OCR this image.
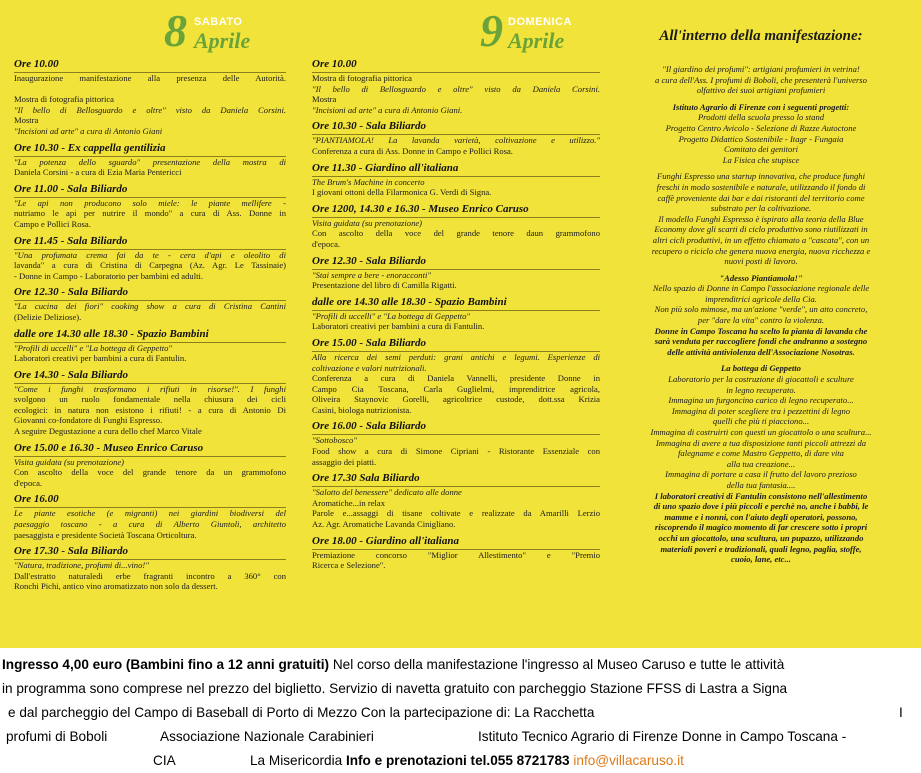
8 SABATO
Aprile
Ore 10.00
Inaugurazione manifestazione alla presenza delle Autorità.

Mostra di fotografia pittorica
"Il bello di Bellosguardo e oltre" visto da Daniela Corsini.
Mostra
"Incisioni ad arte" a cura di Antonio Giani
Ore 10.30 - Ex cappella gentilizia
"La potenza dello sguardo" presentazione della mostra di
Daniela Corsini - a cura di Ezia Maria Pentericci
Ore 11.00 - Sala Biliardo
"Le api non producono solo miele: le piante mellifere -
nutriamo le api per nutrire il mondo" a cura di Ass. Donne in
Campo e Pollici Rosa.
Ore 11.45 - Sala Biliardo
"Una profumata crema fai da te - cera d'api e oleolito di
lavanda" a cura di Cristina di Carpegna (Az. Agr. Le Tassinaie)
- Donne in Campo - Laboratorio per bambini ed adulti.
Ore 12.30 - Sala Biliardo
"La cucina dei fiori" cooking show a cura di Cristina Cantini
(Delizie Deliziose).
dalle ore 14.30 alle 18.30 - Spazio Bambini
"Profili di uccelli" e "La bottega di Geppetto"
Laboratori creativi per bambini a cura di Fantulin.
Ore 14.30 - Sala Biliardo
"Come i funghi trasformano i rifiuti in risorse!". I funghi
svolgono un ruolo fondamentale nella chiusura dei cicli
ecologici: in natura non esistono i rifiuti! - a cura di Antonio Di
Giovanni co-fondatore di Funghi Espresso.
A seguire Degustazione a cura dello chef Marco Vitale
Ore 15.00 e 16.30 - Museo Enrico Caruso
Visita guidata (su prenotazione)
Con ascolto della voce del grande tenore da un grammofono
d'epoca.
Ore 16.00
Le piante esotiche (e migranti) nei giardini biodiversi del
paesaggio toscano - a cura di Alberto Giuntoli, architetto
paesaggista e presidente Società Toscana Orticoltura.
Ore 17.30 - Sala Biliardo
"Natura, tradizione, profumi di...vino!"
Dall'estratto naturaledi erbe fragranti incontro a 360° con
Ronchi Pichi, antico vino aromatizzato non solo da dessert.
9 DOMENICA
Aprile
Ore 10.00
Mostra di fotografia pittorica
"Il bello di Bellosguardo e oltre" visto da Daniela Corsini.
Mostra
"Incisioni ad arte" a cura di Antonio Giani.
Ore 10.30 - Sala Biliardo
"PIANTIAMOLA! La lavanda varietà, coltivazione e utilizzo."
Conferenza a cura di Ass. Donne in Campo e Pollici Rosa.
Ore 11.30 - Giardino all'italiana
The Brum's Machine in concerto
I giovani ottoni della Filarmonica G. Verdi di Signa.
Ore 1200, 14.30 e 16.30 - Museo Enrico Caruso
Visita guidata (su prenotazione)
Con ascolto della voce del grande tenore daun grammofono
d'epoca.
Ore 12.30 - Sala Biliardo
"Stai sempre a bere - enoracconti"
Presentazione del libro di Camilla Rigatti.
dalle ore 14.30 alle 18.30 - Spazio Bambini
"Profili di uccelli" e "La bottega di Geppetto"
Laboratori creativi per bambini a cura di Fantulin.
Ore 15.00 - Sala Biliardo
Alla ricerca dei semi perduti: grani antichi e legumi. Esperienze di
coltivazione e valori nutrizionali.
Conferenza a cura di Daniela Vannelli, presidente Donne in
Campo Cia Toscana, Carla Guglielmi, imprenditrice agricola,
Oliveira Staynovic Gorelli, agricoltrice custode, dott.ssa Krizia
Casini, biologa nutrizionista.
Ore 16.00 - Sala Biliardo
"Sottobosco"
Food show a cura di Simone Cipriani - Ristorante Essenziale con
assaggio dei piatti.
Ore 17.30 Sala Biliardo
"Salotto del benessere" dedicato alle donne
Aromatiche...in relax
Parole e...assaggi di tisane coltivate e realizzate da Amarilli Lerzio
Az. Agr. Aromatiche Lavanda Cinigliano.
Ore 18.00 - Giardino all'italiana
Premiazione concorso "Miglior Allestimento" e "Premio
Ricerca e Selezione".
All'interno della manifestazione:
"Il giardino dei profumi": artigiani profumieri in vetrina!
a cura dell'Ass. I profumi di Boboli, che presenterà l'universo
olfattivo dei suoi artigiani profumieri
Istituto Agrario di Firenze con i seguenti progetti:
Prodotti della scuola presso lo stand
Progetto Centro Avicolo - Selezione di Razze Autoctone
Progetto Didattico Sostenibile - Itagr - Fungaia
Comitato dei genitori
La Fisica che stupisce
Funghi Espresso una startup innovativa, che produce funghi
freschi in modo sostenibile e naturale, utilizzando il fondo di
caffè proveniente dai bar e dai ristoranti del territorio come
substrato per la coltivazione.
Il modello Funghi Espresso è ispirato alla teoria della Blue
Economy dove gli scarti di ciclo produttivo sono riutilizzati in
altri cicli produttivi, in un effetto chiamato a "cascata", con un
recupero o riciclo che genera nuova energia, nuova ricchezza e
nuovi posti di lavoro.
"Adesso Piantiamola!"
Nello spazio di Donne in Campo l'associazione regionale delle
imprenditrici agricole della Cia.
Non più solo mimose, ma un'azione "verde", un atto concreto,
per "dare la vita" contro la violenza.
Donne in Campo Toscana ha scelto la pianta di lavanda che
sarà venduta per raccogliere fondi che andranno a sostegno
delle attività antiviolenza dell'Associazione Nosotras.
La bottega di Geppetto
Laboratorio per la costruzione di giocattoli e sculture
in legno recuperato.
Immagina un furgoncino carico di legno recuperato...
Immagina di poter scegliere tra i pezzettini di legno
quelli che più ti piacciono...
Immagina di costruirti con questi un giocattolo o una scultura...
Immagina di avere a tua disposizione tanti piccoli attrezzi da
falegname e come Mastro Geppetto, di dare vita
alla tua creazione...
Immagina di portare a casa il frutto del lavoro prezioso
della tua fantasia....
I laboratori creativi di Fantulin consistono nell'allestimento
di uno spazio dove i più piccoli e perchè no, anche i babbi, le
mamme e i nonni, con l'aiuto degli operatori, possono,
riscoprendo il magico momento di far crescere sotto i propri
occhi un giocattolo, una scultura, un pupazzo, utilizzando
materiali poveri e tradizionali, quali legno, paglia, stoffe,
cuoio, lane, etc...
Ingresso 4,00 euro (Bambini fino a 12 anni gratuiti) Nel corso della manifestazione l'ingresso al Museo Caruso e tutte le attività
in programma sono comprese nel prezzo del biglietto. Servizio di navetta gratuito con parcheggio Stazione FFSS di Lastra a Signa
e dal parcheggio del Campo di Baseball di Porto di Mezzo Con la partecipazione di: La Racchetta	I
profumi di Boboli	Associazione Nazionale Carabinieri	Istituto Tecnico Agrario di Firenze Donne in Campo Toscana -
CIA	La Misericordia Info e prenotazioni tel.055 8721783 info@villacaruso.it
